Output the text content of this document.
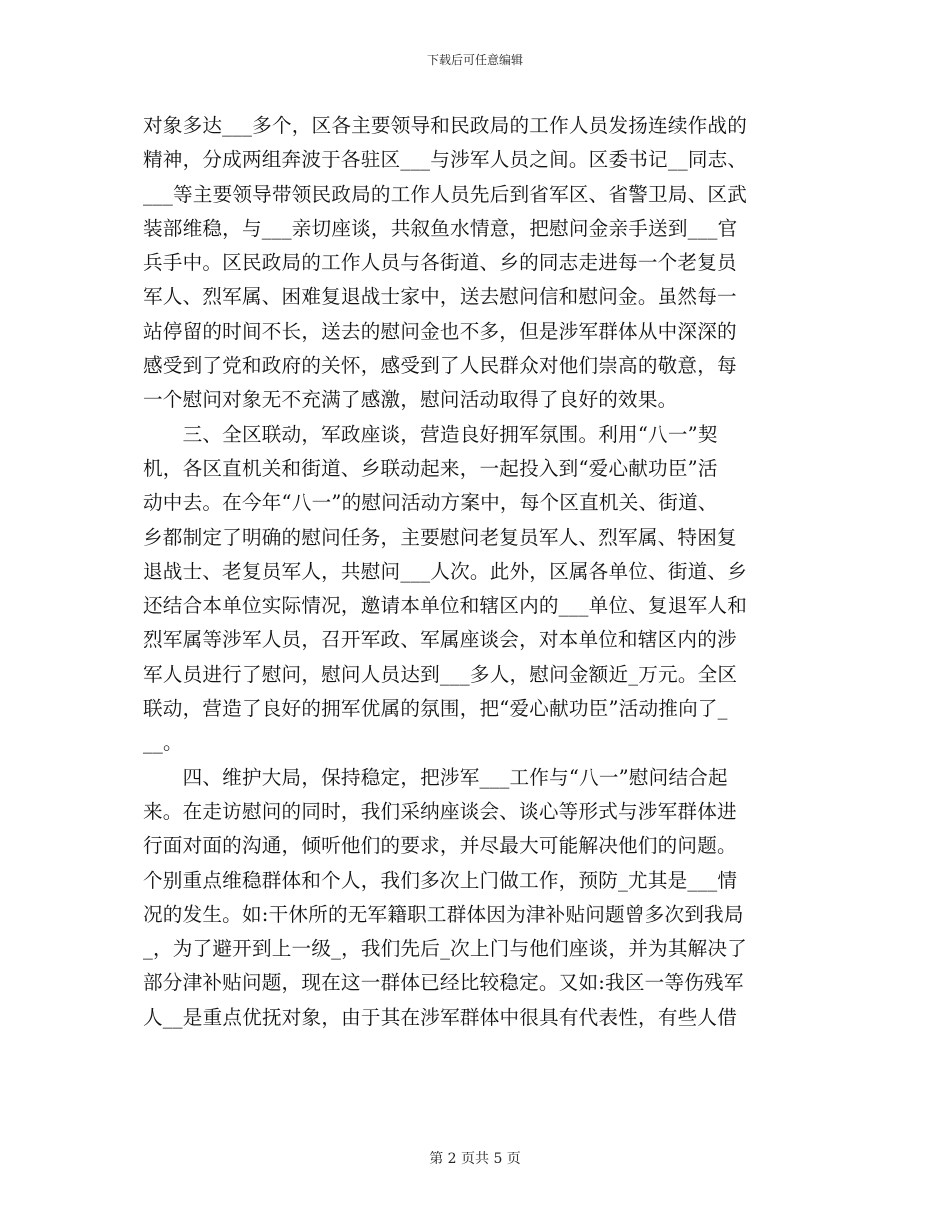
下载后可任意编辑
对象多达___多个，区各主要领导和民政局的工作人员发扬连续作战的
精神，分成两组奔波于各驻区___与涉军人员之间。区委书记__同志、
___等主要领导带领民政局的工作人员先后到省军区、省警卫局、区武
装部维稳，与___亲切座谈，共叙鱼水情意，把慰问金亲手送到___官
兵手中。区民政局的工作人员与各街道、乡的同志走进每一个老复员
军人、烈军属、困难复退战士家中，送去慰问信和慰问金。虽然每一
站停留的时间不长，送去的慰问金也不多，但是涉军群体从中深深的
感受到了党和政府的关怀，感受到了人民群众对他们崇高的敬意，每
一个慰问对象无不充满了感激，慰问活动取得了良好的效果。
　　三、全区联动，军政座谈，营造良好拥军氛围。利用“八一”契
机，各区直机关和街道、乡联动起来，一起投入到“爱心献功臣”活
动中去。在今年“八一”的慰问活动方案中，每个区直机关、街道、
乡都制定了明确的慰问任务，主要慰问老复员军人、烈军属、特困复
退战士、老复员军人，共慰问___人次。此外，区属各单位、街道、乡
还结合本单位实际情况，邀请本单位和辖区内的___单位、复退军人和
烈军属等涉军人员，召开军政、军属座谈会，对本单位和辖区内的涉
军人员进行了慰问，慰问人员达到___多人，慰问金额近_万元。全区
联动，营造了良好的拥军优属的氛围，把“爱心献功臣”活动推向了_
__。
　　四、维护大局，保持稳定，把涉军___工作与“八一”慰问结合起
来。在走访慰问的同时，我们采纳座谈会、谈心等形式与涉军群体进
行面对面的沟通，倾听他们的要求，并尽最大可能解决他们的问题。
个别重点维稳群体和个人，我们多次上门做工作，预防_尤其是___情
况的发生。如:干休所的无军籍职工群体因为津补贴问题曾多次到我局
_，为了避开到上一级_，我们先后_次上门与他们座谈，并为其解决了
部分津补贴问题，现在这一群体已经比较稳定。又如:我区一等伤残军
人__是重点优抚对象，由于其在涉军群体中很具有代表性，有些人借
第 2 页共 5 页
